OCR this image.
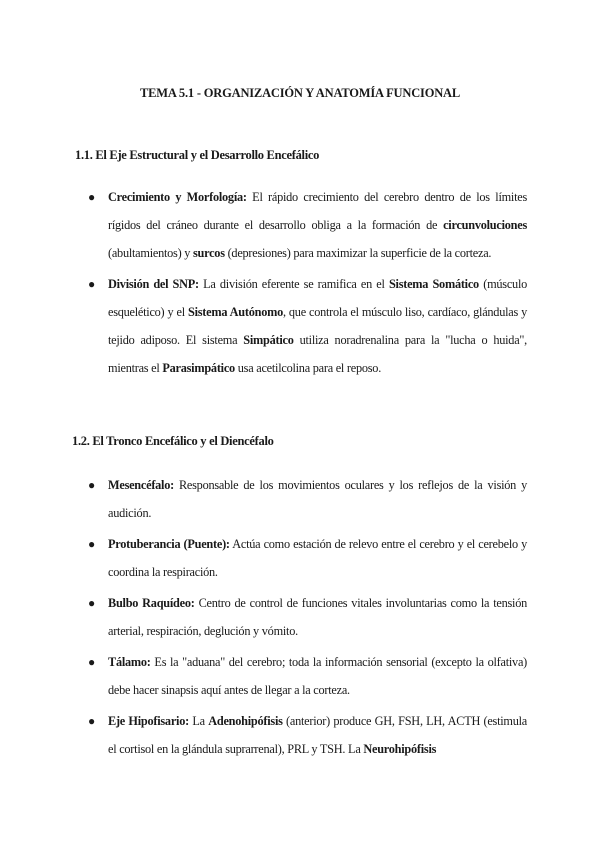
TEMA 5.1 - ORGANIZACIÓN Y ANATOMÍA FUNCIONAL
1.1. El Eje Estructural y el Desarrollo Encefálico
● Crecimiento y Morfología: El rápido crecimiento del cerebro dentro de los límites rígidos del cráneo durante el desarrollo obliga a la formación de circunvoluciones (abultamientos) y surcos (depresiones) para maximizar la superficie de la corteza.
● División del SNP: La división eferente se ramifica en el Sistema Somático (músculo esquelético) y el Sistema Autónomo, que controla el músculo liso, cardíaco, glándulas y tejido adiposo. El sistema Simpático utiliza noradrenalina para la "lucha o huida", mientras el Parasimpático usa acetilcolina para el reposo.
1.2. El Tronco Encefálico y el Diencéfalo
● Mesencéfalo: Responsable de los movimientos oculares y los reflejos de la visión y audición.
● Protuberancia (Puente): Actúa como estación de relevo entre el cerebro y el cerebelo y coordina la respiración.
● Bulbo Raquídeo: Centro de control de funciones vitales involuntarias como la tensión arterial, respiración, deglución y vómito.
● Tálamo: Es la "aduana" del cerebro; toda la información sensorial (excepto la olfativa) debe hacer sinapsis aquí antes de llegar a la corteza.
● Eje Hipofisario: La Adenohipófisis (anterior) produce GH, FSH, LH, ACTH (estimula el cortisol en la glándula suprarrenal), PRL y TSH. La Neurohipófisis
